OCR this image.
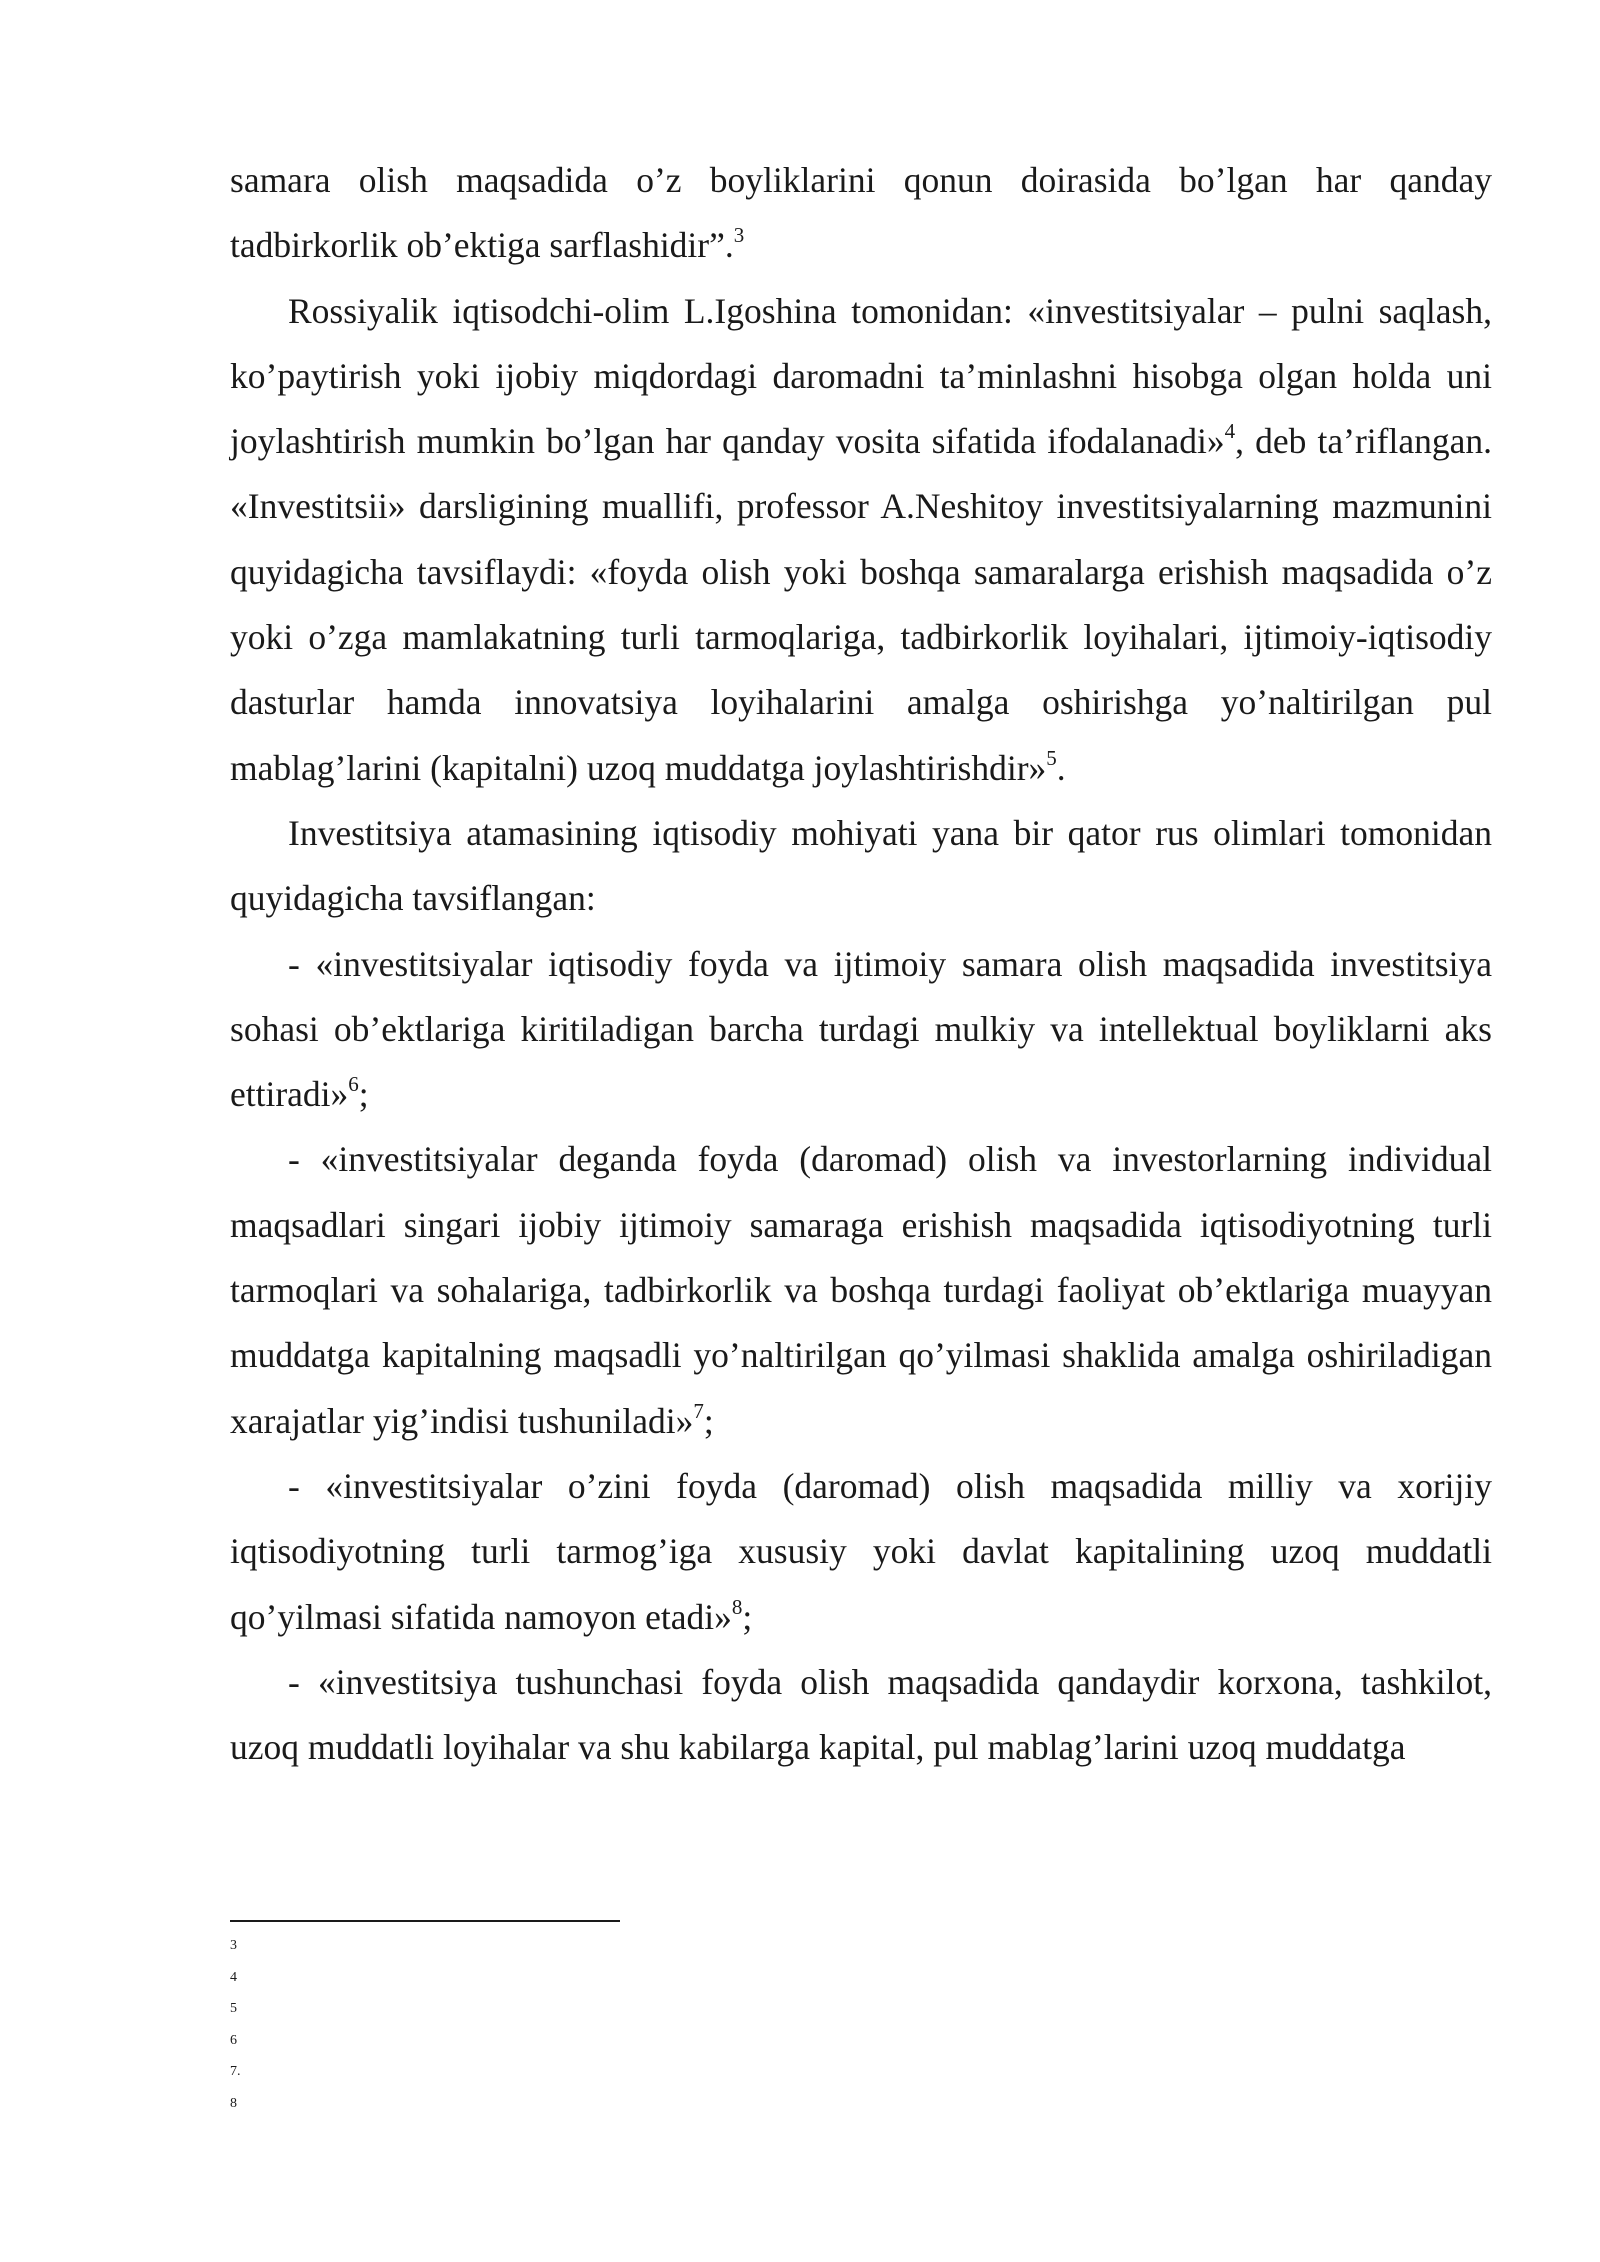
samara olish maqsadida o’z boyliklarini qonun doirasida bo’lgan har qanday tadbirkorlik ob’ektiga sarflashidir”.$^3$

Rossiyalik iqtisodchi-olim L.Igoshina tomonidan: «investitsiyalar – pulni saqlash, ko’paytirish yoki ijobiy miqdordagi daromadni ta’minlashni hisobga olgan holda uni joylashtirish mumkin bo’lgan har qanday vosita sifatida ifodalanadi»$^4$, deb ta’riflangan. «Investitsii» darsligining muallifi, professor A.Neshitoy investitsiyalarning mazmunini quyidagicha tavsiflaydi: «foyda olish yoki boshqa samaralarga erishish maqsadida o’z yoki o’zga mamlakatning turli tarmoqlariga, tadbirkorlik loyihalari, ijtimoiy-iqtisodiy dasturlar hamda innovatsiya loyihalarini amalga oshirishga yo’naltirilgan pul mablag’larini (kapitalni) uzoq muddatga joylashtirishdir»$^5$.

Investitsiya atamasining iqtisodiy mohiyati yana bir qator rus olimlari tomonidan quyidagicha tavsiflangan:

- «investitsiyalar iqtisodiy foyda va ijtimoiy samara olish maqsadida investitsiya sohasi ob’ektlariga kiritiladigan barcha turdagi mulkiy va intellektual boyliklarni aks ettiradi»$^6$;

- «investitsiyalar deganda foyda (daromad) olish va investorlarning individual maqsadlari singari ijobiy ijtimoiy samaraga erishish maqsadida iqtisodiyotning turli tarmoqlari va sohalariga, tadbirkorlik va boshqa turdagi faoliyat ob’ektlariga muayyan muddatga kapitalning maqsadli yo’naltirilgan qo’yilmasi shaklida amalga oshiriladigan xarajatlar yig’indisi tushuniladi»$^7$;

- «investitsiyalar o’zini foyda (daromad) olish maqsadida milliy va xorijiy iqtisodiyotning turli tarmog’iga xususiy yoki davlat kapitalining uzoq muddatli qo’yilmasi sifatida namoyon etadi»$^8$;

- «investitsiya tushunchasi foyda olish maqsadida qandaydir korxona, tashkilot, uzoq muddatli loyihalar va shu kabilarga kapital, pul mablag’larini uzoq muddatga

3
4
5
6
7.
8
